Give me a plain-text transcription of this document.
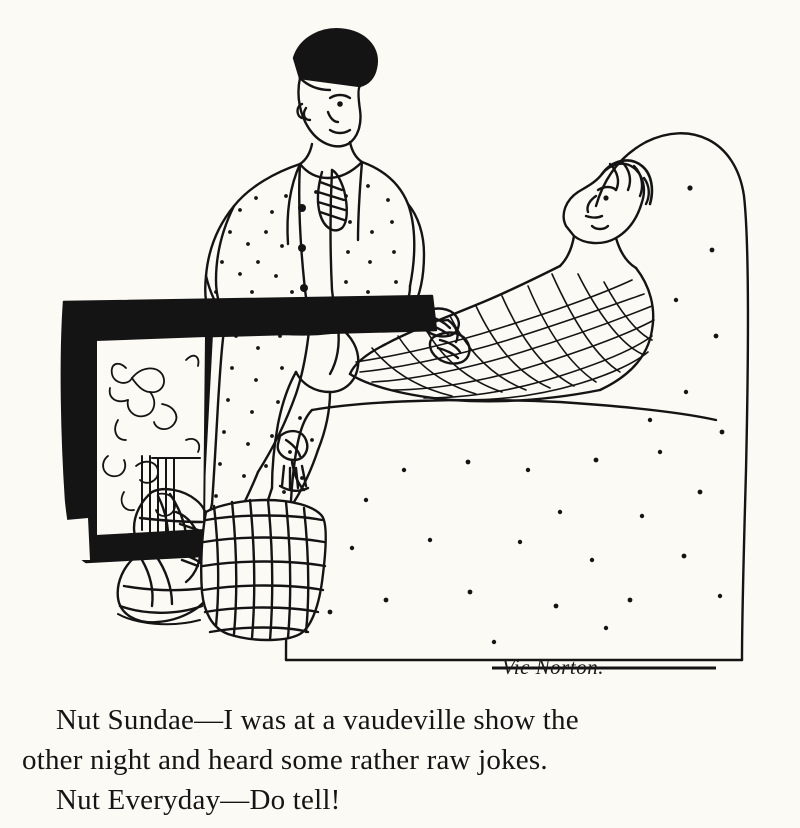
Vic Norton.
Nut Sundae—I was at a vaudeville show the
other night and heard some rather raw jokes.
Nut Everyday—Do tell!
